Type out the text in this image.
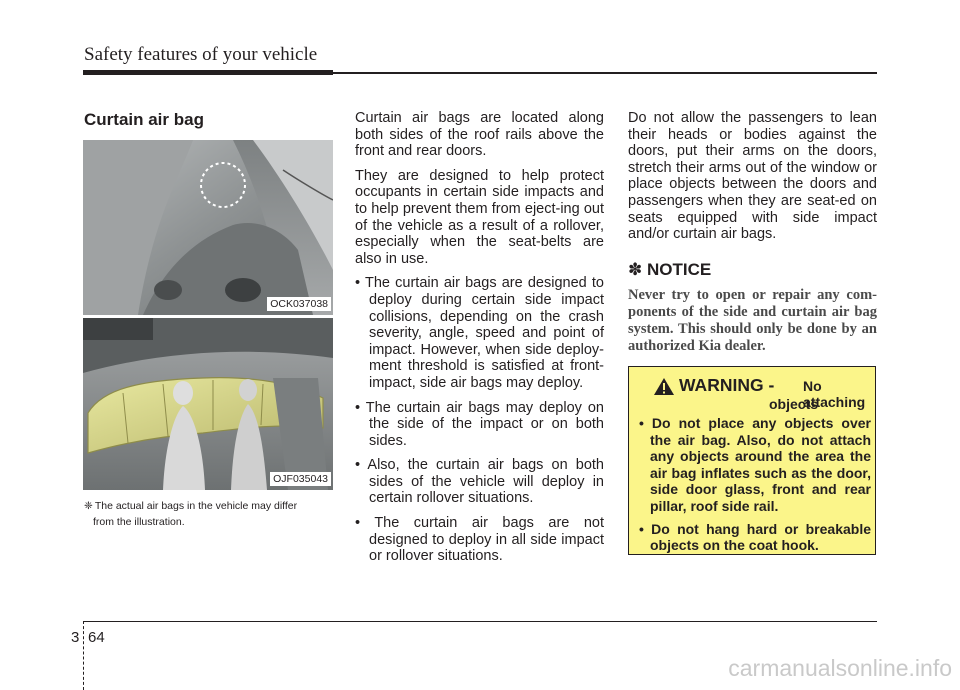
Safety features of your vehicle
Curtain air bag
OCK037038
OJF035043
❈ The actual air bags in the vehicle may differ
from the illustration.

Curtain air bags are located along both sides of the roof rails above the front and rear doors.

They are designed to help protect occupants in certain side impacts and to help prevent them from eject-ing out of the vehicle as a result of a rollover, especially when the seat-belts are also in use.

• The curtain air bags are designed to deploy during certain side impact collisions, depending on the crash severity, angle, speed and point of impact. However, when side deploy-ment threshold is satisfied at front-impact, side air bags may deploy.

• The curtain air bags may deploy on the side of the impact or on both sides.

• Also, the curtain air bags on both sides of the vehicle will deploy in certain rollover situations.

• The curtain air bags are not designed to deploy in all side impact or rollover situations.

Do not allow the passengers to lean their heads or bodies against the doors, put their arms on the doors, stretch their arms out of the window or place objects between the doors and passengers when they are seat-ed on seats equipped with side impact and/or curtain air bags.

✽ NOTICE
Never try to open or repair any com-ponents of the side and curtain air bag system. This should only be done by an authorized Kia dealer.
WARNING - No attaching
objects
• Do not place any objects over the air bag. Also, do not attach any objects around the area the air bag inflates such as the door, side door glass, front and rear pillar, roof side rail.
• Do not hang hard or breakable objects on the coat hook.
3 64
carmanualsonline.info
